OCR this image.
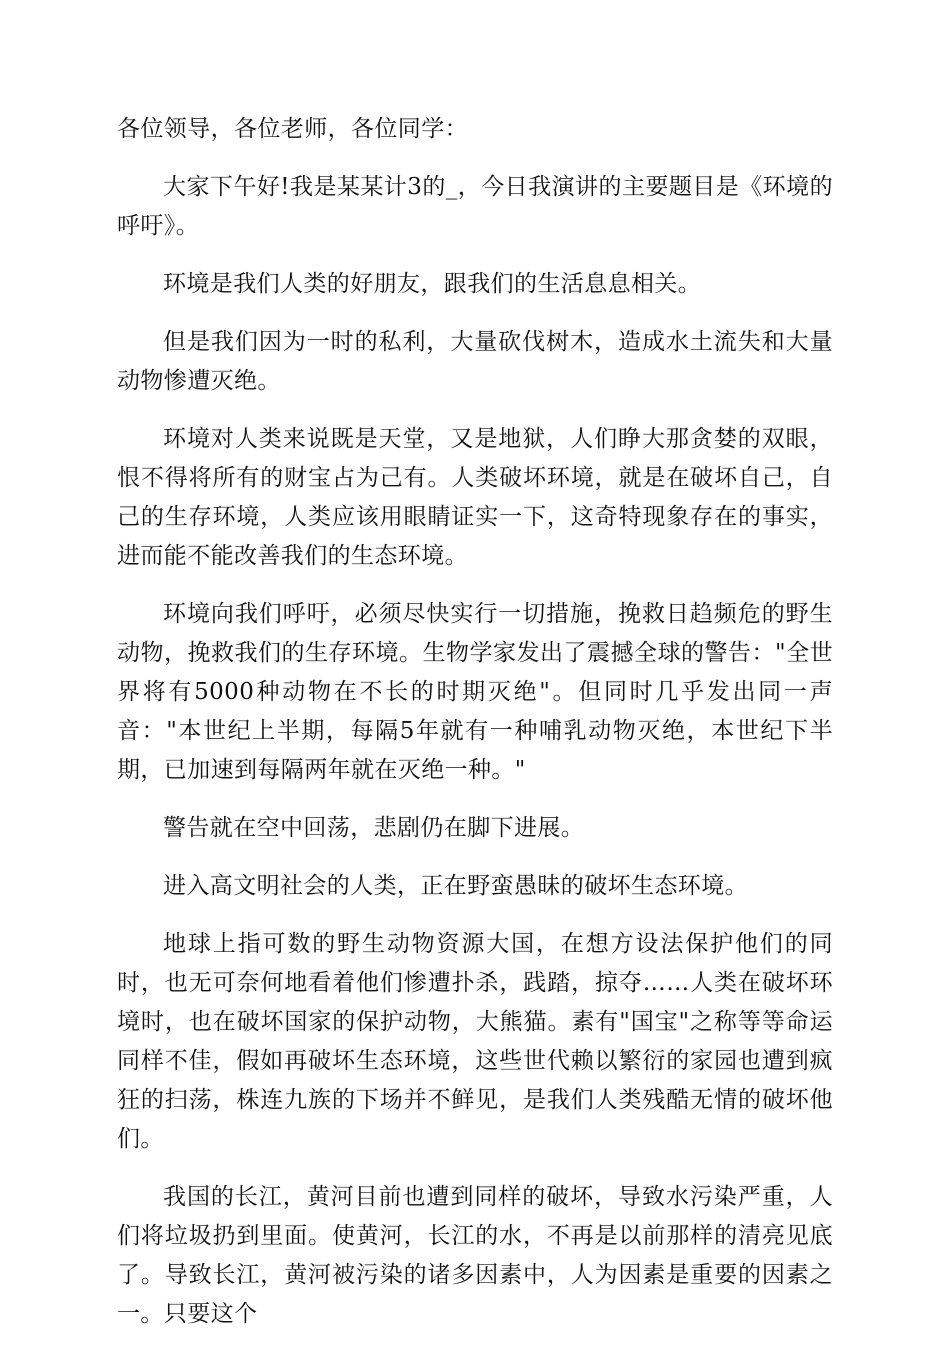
各位领导，各位老师，各位同学：

大家下午好!我是某某计3的_，今日我演讲的主要题目是《环境的呼吁》。

环境是我们人类的好朋友，跟我们的生活息息相关。

但是我们因为一时的私利，大量砍伐树木，造成水土流失和大量动物惨遭灭绝。

环境对人类来说既是天堂，又是地狱，人们睁大那贪婪的双眼，恨不得将所有的财宝占为己有。人类破坏环境，就是在破坏自己，自己的生存环境，人类应该用眼睛证实一下，这奇特现象存在的事实，进而能不能改善我们的生态环境。

环境向我们呼吁，必须尽快实行一切措施，挽救日趋频危的野生动物，挽救我们的生存环境。生物学家发出了震撼全球的警告："全世界将有5000种动物在不长的时期灭绝"。但同时几乎发出同一声音："本世纪上半期，每隔5年就有一种哺乳动物灭绝，本世纪下半期，已加速到每隔两年就在灭绝一种。"

警告就在空中回荡，悲剧仍在脚下进展。

进入高文明社会的人类，正在野蛮愚昧的破坏生态环境。

地球上指可数的野生动物资源大国，在想方设法保护他们的同时，也无可奈何地看着他们惨遭扑杀，践踏，掠夺……人类在破坏环境时，也在破坏国家的保护动物，大熊猫。素有"国宝"之称等等命运同样不佳，假如再破坏生态环境，这些世代赖以繁衍的家园也遭到疯狂的扫荡，株连九族的下场并不鲜见，是我们人类残酷无情的破坏他们。

我国的长江，黄河目前也遭到同样的破坏，导致水污染严重，人们将垃圾扔到里面。使黄河，长江的水，不再是以前那样的清亮见底了。导致长江，黄河被污染的诸多因素中，人为因素是重要的因素之一。只要这个
